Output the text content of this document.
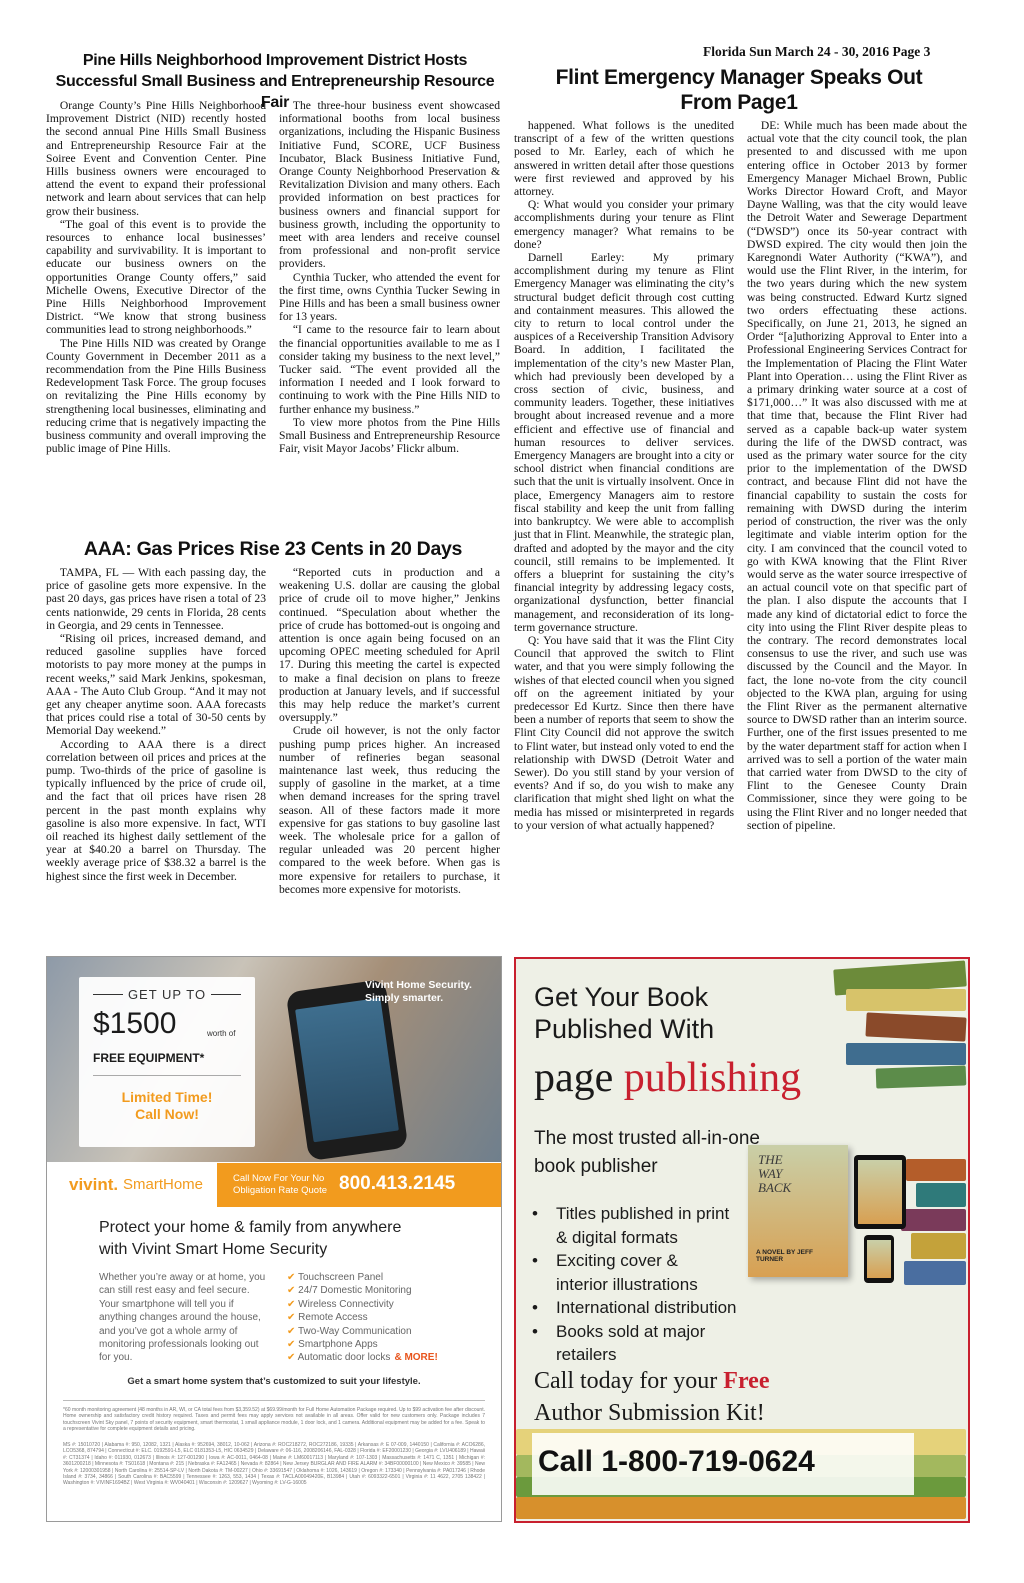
Florida Sun March 24 - 30, 2016 Page 3
Pine Hills Neighborhood Improvement District Hosts
Successful Small Business and Entrepreneurship Resource Fair

Orange County’s Pine Hills Neighborhood Improvement District (NID) recently hosted the second annual Pine Hills Small Business and Entrepreneurship Resource Fair at the Soiree Event and Convention Center. Pine Hills business owners were encouraged to attend the event to expand their professional network and learn about services that can help grow their business.

“The goal of this event is to provide the resources to enhance local businesses’ capability and survivability. It is important to educate our business owners on the opportunities Orange County offers,” said Michelle Owens, Executive Director of the Pine Hills Neighborhood Improvement District. “We know that strong business communities lead to strong neighborhoods.”

The Pine Hills NID was created by Orange County Government in December 2011 as a recommendation from the Pine Hills Business Redevelopment Task Force. The group focuses on revitalizing the Pine Hills economy by strengthening local businesses, eliminating and reducing crime that is negatively impacting the business community and overall improving the public image of Pine Hills.

The three-hour business event showcased informational booths from local business organizations, including the Hispanic Business Initiative Fund, SCORE, UCF Business Incubator, Black Business Initiative Fund, Orange County Neighborhood Preservation & Revitalization Division and many others. Each provided information on best practices for business owners and financial support for business growth, including the opportunity to meet with area lenders and receive counsel from professional and non-profit service providers.

Cynthia Tucker, who attended the event for the first time, owns Cynthia Tucker Sewing in Pine Hills and has been a small business owner for 13 years.

“I came to the resource fair to learn about the financial opportunities available to me as I consider taking my business to the next level,” Tucker said. “The event provided all the information I needed and I look forward to continuing to work with the Pine Hills NID to further enhance my business.”

To view more photos from the Pine Hills Small Business and Entrepreneurship Resource Fair, visit Mayor Jacobs’ Flickr album.

AAA: Gas Prices Rise 23 Cents in 20 Days

TAMPA, FL — With each passing day, the price of gasoline gets more expensive. In the past 20 days, gas prices have risen a total of 23 cents nationwide, 29 cents in Florida, 28 cents in Georgia, and 29 cents in Tennessee.

“Rising oil prices, increased demand, and reduced gasoline supplies have forced motorists to pay more money at the pumps in recent weeks,” said Mark Jenkins, spokesman, AAA - The Auto Club Group. “And it may not get any cheaper anytime soon. AAA forecasts that prices could rise a total of 30-50 cents by Memorial Day weekend.”

According to AAA there is a direct correlation between oil prices and prices at the pump. Two-thirds of the price of gasoline is typically influenced by the price of crude oil, and the fact that oil prices have risen 28 percent in the past month explains why gasoline is also more expensive. In fact, WTI oil reached its highest daily settlement of the year at $40.20 a barrel on Thursday. The weekly average price of $38.32 a barrel is the highest since the first week in December.

“Reported cuts in production and a weakening U.S. dollar are causing the global price of crude oil to move higher,” Jenkins continued. “Speculation about whether the price of crude has bottomed-out is ongoing and attention is once again being focused on an upcoming OPEC meeting scheduled for April 17. During this meeting the cartel is expected to make a final decision on plans to freeze production at January levels, and if successful this may help reduce the market’s current oversupply.”

Crude oil however, is not the only factor pushing pump prices higher. An increased number of refineries began seasonal maintenance last week, thus reducing the supply of gasoline in the market, at a time when demand increases for the spring travel season. All of these factors made it more expensive for gas stations to buy gasoline last week. The wholesale price for a gallon of regular unleaded was 20 percent higher compared to the week before. When gas is more expensive for retailers to purchase, it becomes more expensive for motorists.

Flint Emergency Manager Speaks Out
From Page1

happened. What follows is the unedited transcript of a few of the written questions posed to Mr. Earley, each of which he answered in written detail after those questions were first reviewed and approved by his attorney.

Q: What would you consider your primary accomplishments during your tenure as Flint emergency manager? What remains to be done?

Darnell Earley: My primary accomplishment during my tenure as Flint Emergency Manager was eliminating the city’s structural budget deficit through cost cutting and containment measures. This allowed the city to return to local control under the auspices of a Receivership Transition Advisory Board. In addition, I facilitated the implementation of the city’s new Master Plan, which had previously been developed by a cross section of civic, business, and community leaders. Together, these initiatives brought about increased revenue and a more efficient and effective use of financial and human resources to deliver services. Emergency Managers are brought into a city or school district when financial conditions are such that the unit is virtually insolvent. Once in place, Emergency Managers aim to restore fiscal stability and keep the unit from falling into bankruptcy. We were able to accomplish just that in Flint. Meanwhile, the strategic plan, drafted and adopted by the mayor and the city council, still remains to be implemented. It offers a blueprint for sustaining the city’s financial integrity by addressing legacy costs, organizational dysfunction, better financial management, and reconsideration of its long-term governance structure.

Q: You have said that it was the Flint City Council that approved the switch to Flint water, and that you were simply following the wishes of that elected council when you signed off on the agreement initiated by your predecessor Ed Kurtz. Since then there have been a number of reports that seem to show the Flint City Council did not approve the switch to Flint water, but instead only voted to end the relationship with DWSD (Detroit Water and Sewer). Do you still stand by your version of events? And if so, do you wish to make any clarification that might shed light on what the media has missed or misinterpreted in regards to your version of what actually happened?

DE: While much has been made about the actual vote that the city council took, the plan presented to and discussed with me upon entering office in October 2013 by former Emergency Manager Michael Brown, Public Works Director Howard Croft, and Mayor Dayne Walling, was that the city would leave the Detroit Water and Sewerage Department (“DWSD”) once its 50-year contract with DWSD expired. The city would then join the Karegnondi Water Authority (“KWA”), and would use the Flint River, in the interim, for the two years during which the new system was being constructed. Edward Kurtz signed two orders effectuating these actions. Specifically, on June 21, 2013, he signed an Order “[a]uthorizing Approval to Enter into a Professional Engineering Services Contract for the Implementation of Placing the Flint Water Plant into Operation… using the Flint River as a primary drinking water source at a cost of $171,000…” It was also discussed with me at that time that, because the Flint River had served as a capable back-up water system during the life of the DWSD contract, was used as the primary water source for the city prior to the implementation of the DWSD contract, and because Flint did not have the financial capability to sustain the costs for remaining with DWSD during the interim period of construction, the river was the only legitimate and viable interim option for the city. I am convinced that the council voted to go with KWA knowing that the Flint River would serve as the water source irrespective of an actual council vote on that specific part of the plan. I also dispute the accounts that I made any kind of dictatorial edict to force the city into using the Flint River despite pleas to the contrary. The record demonstrates local consensus to use the river, and such use was discussed by the Council and the Mayor. In fact, the lone no-vote from the city council objected to the KWA plan, arguing for using the Flint River as the permanent alternative source to DWSD rather than an interim source. Further, one of the first issues presented to me by the water department staff for action when I arrived was to sell a portion of the water main that carried water from DWSD to the city of Flint to the Genesee County Drain Commissioner, since they were going to be using the Flint River and no longer needed that section of pipeline.

Vivint Home Security.
Simply smarter.
GET UP TO
$1500	worth of
FREE EQUIPMENT*
Limited Time!
Call Now!
vivint. SmartHome	Call Now For Your No
Obligation Rate Quote 800.413.2145
Protect your home & family from anywhere
with Vivint Smart Home Security
Whether you’re away or at home, you can still rest easy and feel secure. Your smartphone will tell you if anything changes around the house, and you’ve got a whole army of monitoring professionals looking out for you.
✔ Touchscreen Panel
✔ 24/7 Domestic Monitoring
✔ Wireless Connectivity
✔ Remote Access
✔ Two-Way Communication
✔ Smartphone Apps
✔ Automatic door locks & MORE!
Get a smart home system that’s customized to suit your lifestyle.
*60 month monitoring agreement (48 months in AR, WI, or CA total fees from $3,359.52) at $69.99/month for Full Home Automation Package required. Up to $99 activation fee after discount. Home ownership and satisfactory credit history required. Taxes and permit fees may apply services not available in all areas. Offer valid for new customers only. Package includes 7 touchscreen Vivint Sky panel, 7 points of security equipment, smart thermostat, 1 small appliance module, 1 door lock, and 1 camera. Additional equipment may be added for a fee. Speak to a representative for complete equipment details and pricing.
MS #: 15010720 | Alabama #: 950, 12082, 1321 | Alaska #: 952694, 38012, 10-062 | Arizona #: ROC218272, ROC272186, 19335 | Arkansas #: E 07-009, 1440150 | California #: ACO6286, LCO5368, 874794 | Connecticut #: ELC. 0192591-L5, ELC 0181353-L5, HIC 0634529 | Delaware #: 06-116, 2008206146, FAL-0328 | Florida #: EF20001230 | Georgia #: LVU406189 | Hawaii #: CT31374 | Idaho #: 011930, 012673 | Illinois #: 127-001290 | Iowa #: AC-0011, 0464-08 | Maine #: LM60017113 | Maryland #: 107-1303 | Massachusetts #: 1471 C, 1351 | Michigan #: 3601200218 | Minnesota #: TS01618 | Montana #: 215 | Nebraska #: FA12465 | Nevada #: 82864 | New Jersey BURGLAR AND FIRE ALARM #: 34BF00000100 | New Mexico #: 39585 | New York #: 12000301958 | North Carolina #: 25514-SP-LV | North Dakota #: TM-00227 | Ohio #: 33691547 | Oklahoma #: 1026, 143619 | Oregon #: 173340 | Pennsylvania #: PA017246 | Rhode Island #: 3734, 34866 | South Carolina #: BAC5599 | Tennessee #: 1263, 553, 1434 | Texas #: TACLA00049420E, B13984 | Utah #: 6093322-6501 | Virginia #: 11 4622, 2705 138422 | Washington #: VIVINF1694BZ | West Virginia #: WV040401 | Wisconsin #: 1209627 | Wyoming #: LV-G-16005
THE
WAY
BACK
A NOVEL BY JEFF TURNER
Get Your Book
Published With
page publishing
The most trusted all-in-one
book publisher
• Titles published in print
& digital formats
• Exciting cover &
interior illustrations
• International distribution
• Books sold at major retailers
Call today for your Free
Author Submission Kit!
Call 1-800-719-0624
